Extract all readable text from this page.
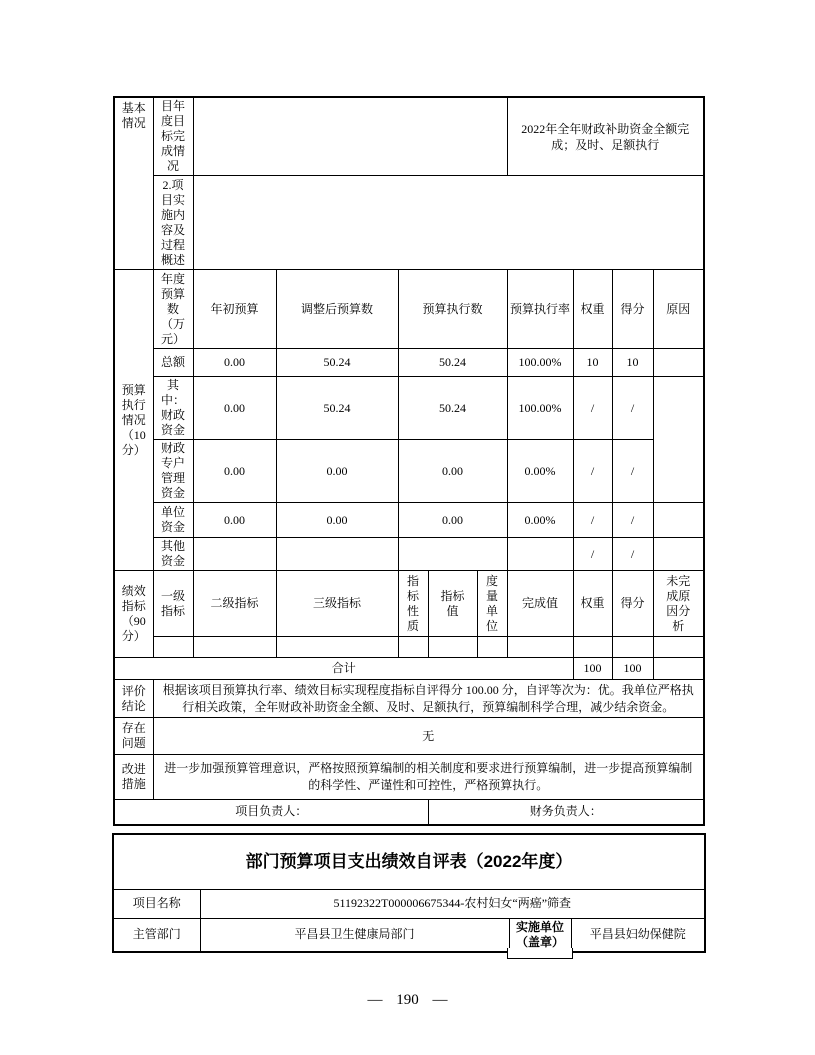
基本情况	目年度目标完成情况						2022年全年财政补助资金全额完成；及时、足额执行			
	2.项目实施内容及过程概述									
预算执行情况（10分）	年度预算数（万元）	年初预算	调整后预算数	预算执行数			预算执行率	权重	得分	原因
	总额	0.00	50.24	50.24			100.00%	10	10	
	其中：财政资金	0.00	50.24	50.24			100.00%	/	/	
	财政专户管理资金	0.00	0.00	0.00			0.00%	/	/	
	单位资金	0.00	0.00	0.00			0.00%	/	/	
	其他资金							/	/	
绩效指标（90分）	一级指标	二级指标	三级指标	指标性质	指标值	度量单位	完成值	权重	得分	未完成原因分析

合计								100	100	
评价结论	根据该项目预算执行率、绩效目标实现程度指标自评得分 100.00 分，自评等次为：优。我单位严格执行相关政策，全年财政补助资金全额、及时、足额执行，预算编制科学合理，减少结余资金。									
存在问题	无									
改进措施	进一步加强预算管理意识，严格按照预算编制的相关制度和要求进行预算编制，进一步提高预算编制的科学性、严谨性和可控性，严格预算执行。									
项目负责人：					财务负责人：					
部门预算项目支出绩效自评表（2022年度）			
项目名称	51192322T000006675344-农村妇女“两癌”筛查		
主管部门	平昌县卫生健康局部门	实施单位（盖章）	平昌县妇幼保健院
— 190 —
